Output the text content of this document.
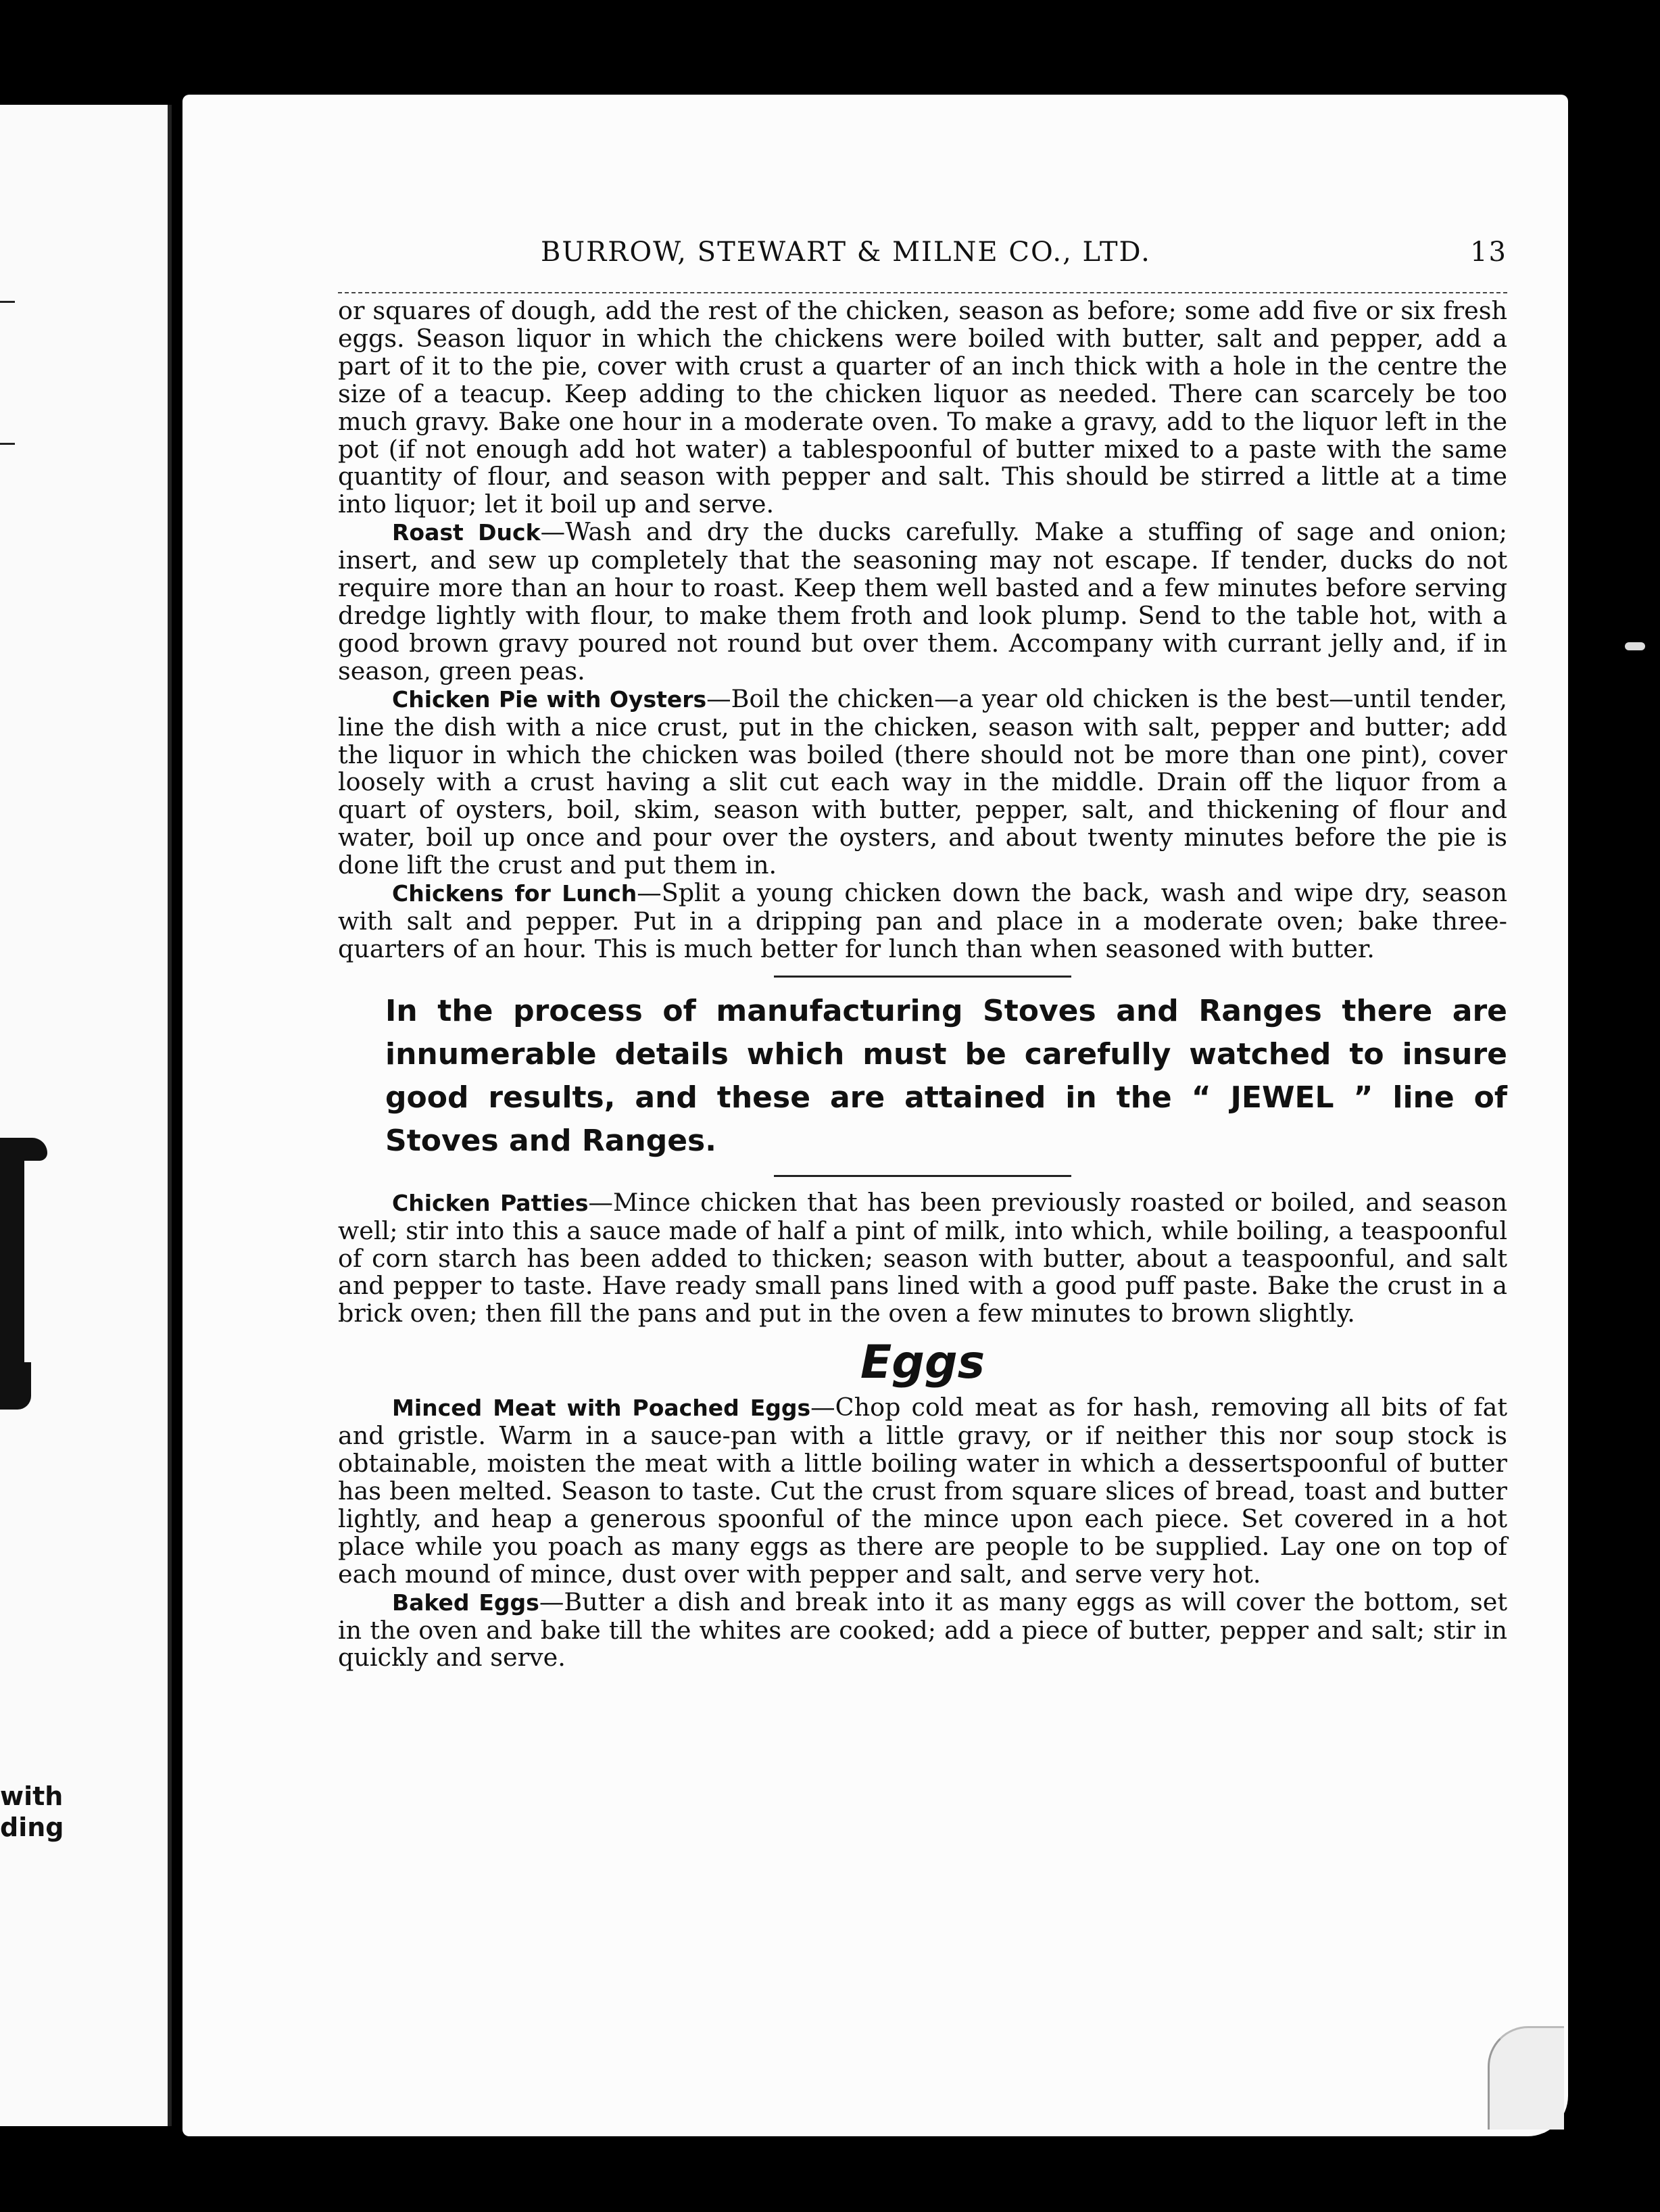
with
ding
BURROW, STEWART & MILNE CO., LTD.	13

or squares of dough, add the rest of the chicken, season as before; some add five or six fresh eggs. Season liquor in which the chickens were boiled with butter, salt and pepper, add a part of it to the pie, cover with crust a quarter of an inch thick with a hole in the centre the size of a teacup. Keep adding to the chicken liquor as needed. There can scarcely be too much gravy. Bake one hour in a moderate oven. To make a gravy, add to the liquor left in the pot (if not enough add hot water) a tablespoonful of butter mixed to a paste with the same quantity of flour, and season with pepper and salt. This should be stirred a little at a time into liquor; let it boil up and serve.

Roast Duck—Wash and dry the ducks carefully. Make a stuffing of sage and onion; insert, and sew up completely that the seasoning may not escape. If tender, ducks do not require more than an hour to roast. Keep them well basted and a few minutes before serving dredge lightly with flour, to make them froth and look plump. Send to the table hot, with a good brown gravy poured not round but over them. Accompany with currant jelly and, if in season, green peas.

Chicken Pie with Oysters—Boil the chicken—a year old chicken is the best—until tender, line the dish with a nice crust, put in the chicken, season with salt, pepper and butter; add the liquor in which the chicken was boiled (there should not be more than one pint), cover loosely with a crust having a slit cut each way in the middle. Drain off the liquor from a quart of oysters, boil, skim, season with butter, pepper, salt, and thickening of flour and water, boil up once and pour over the oysters, and about twenty minutes before the pie is done lift the crust and put them in.

Chickens for Lunch—Split a young chicken down the back, wash and wipe dry, season with salt and pepper. Put in a dripping pan and place in a moderate oven; bake three-quarters of an hour. This is much better for lunch than when seasoned with butter.

In the process of manufacturing Stoves and Ranges there are innumerable details which must be carefully watched to insure good results, and these are attained in the “ JEWEL ” line of Stoves and Ranges.

Chicken Patties—Mince chicken that has been previously roasted or boiled, and season well; stir into this a sauce made of half a pint of milk, into which, while boiling, a teaspoonful of corn starch has been added to thicken; season with butter, about a teaspoonful, and salt and pepper to taste. Have ready small pans lined with a good puff paste. Bake the crust in a brick oven; then fill the pans and put in the oven a few minutes to brown slightly.

Eggs

Minced Meat with Poached Eggs—Chop cold meat as for hash, removing all bits of fat and gristle. Warm in a sauce-pan with a little gravy, or if neither this nor soup stock is obtainable, moisten the meat with a little boiling water in which a dessertspoonful of butter has been melted. Season to taste. Cut the crust from square slices of bread, toast and butter lightly, and heap a generous spoonful of the mince upon each piece. Set covered in a hot place while you poach as many eggs as there are people to be supplied. Lay one on top of each mound of mince, dust over with pepper and salt, and serve very hot.

Baked Eggs—Butter a dish and break into it as many eggs as will cover the bottom, set in the oven and bake till the whites are cooked; add a piece of butter, pepper and salt; stir in quickly and serve.
